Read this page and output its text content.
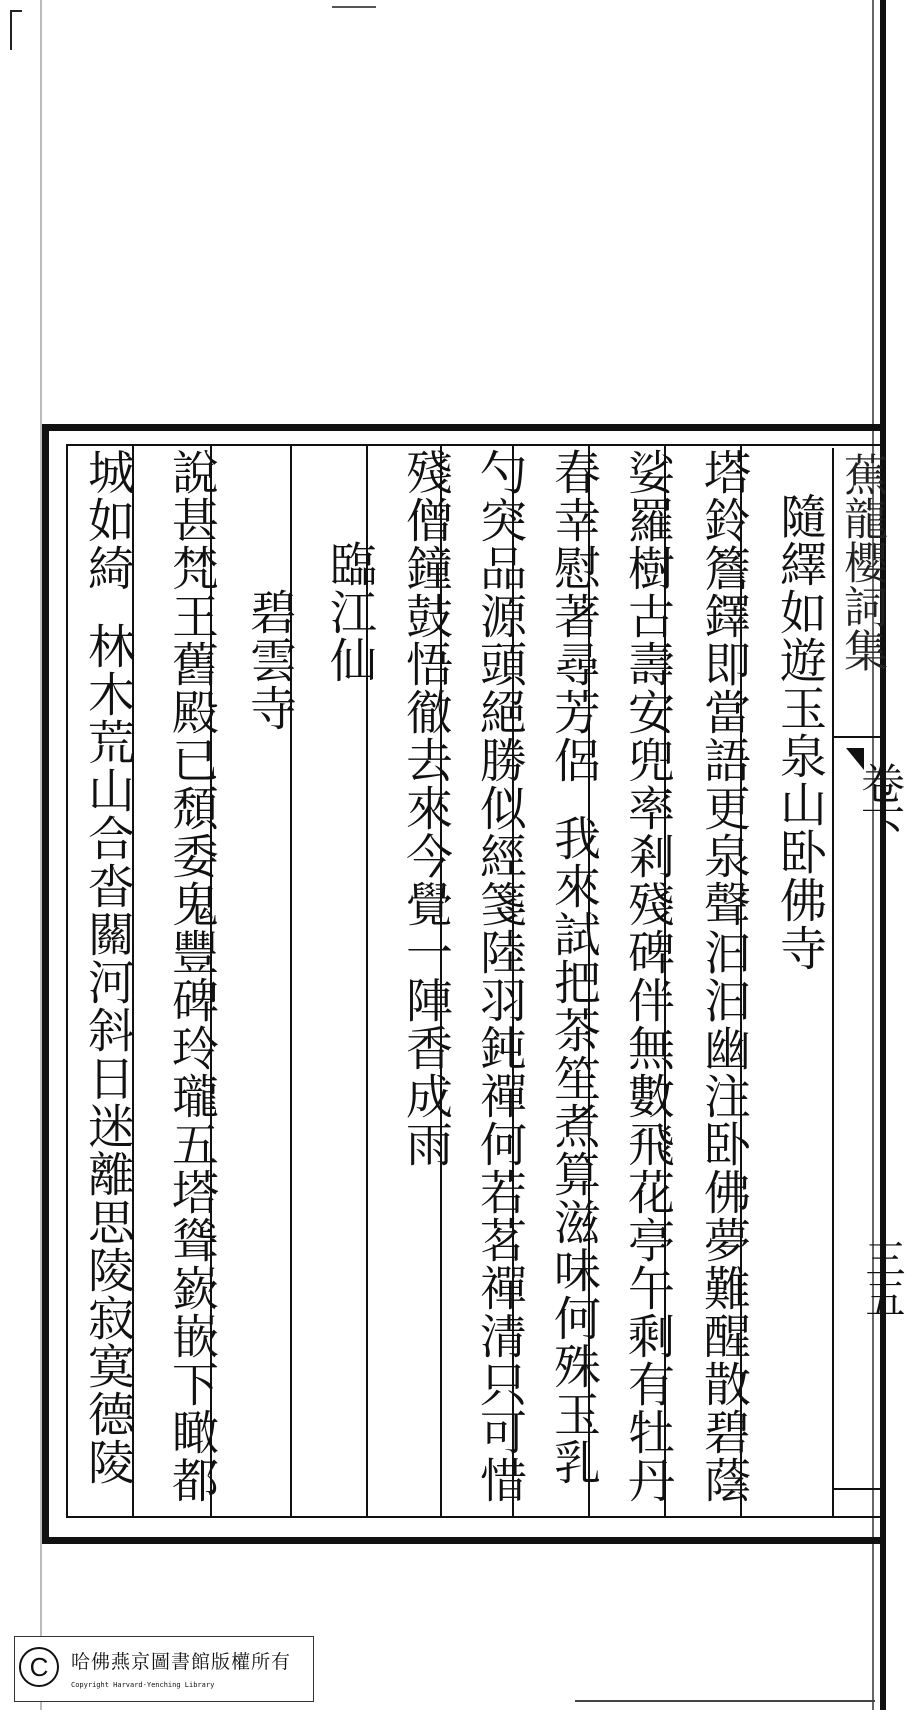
隨繹如遊玉泉山卧佛寺
塔鈴簷鐸即當語更泉聲汩汩幽注卧佛夢難醒散碧蔭
娑羅樹古壽安兜率剎殘碑伴無數飛花亭午剩有牡丹
春幸慰著尋芳侶我來試把茶笙煮算滋味何殊玉乳
勺突品源頭絕勝似經箋陸羽鈍禪何若茗禪清只可惜
殘僧鐘鼓悟徹去來今覺一陣香成雨
臨江仙
碧雲寺
說甚梵王舊殿已頹委鬼豐碑玲瓏五塔聳嶔嵌下瞰都
城如綺林木荒山合沓關河斜日迷離思陵寂寞德陵
蕉龍櫻詞集
卷下
三五
C	哈佛燕京圖書館版權所有
Copyright Harvard-Yenching Library
